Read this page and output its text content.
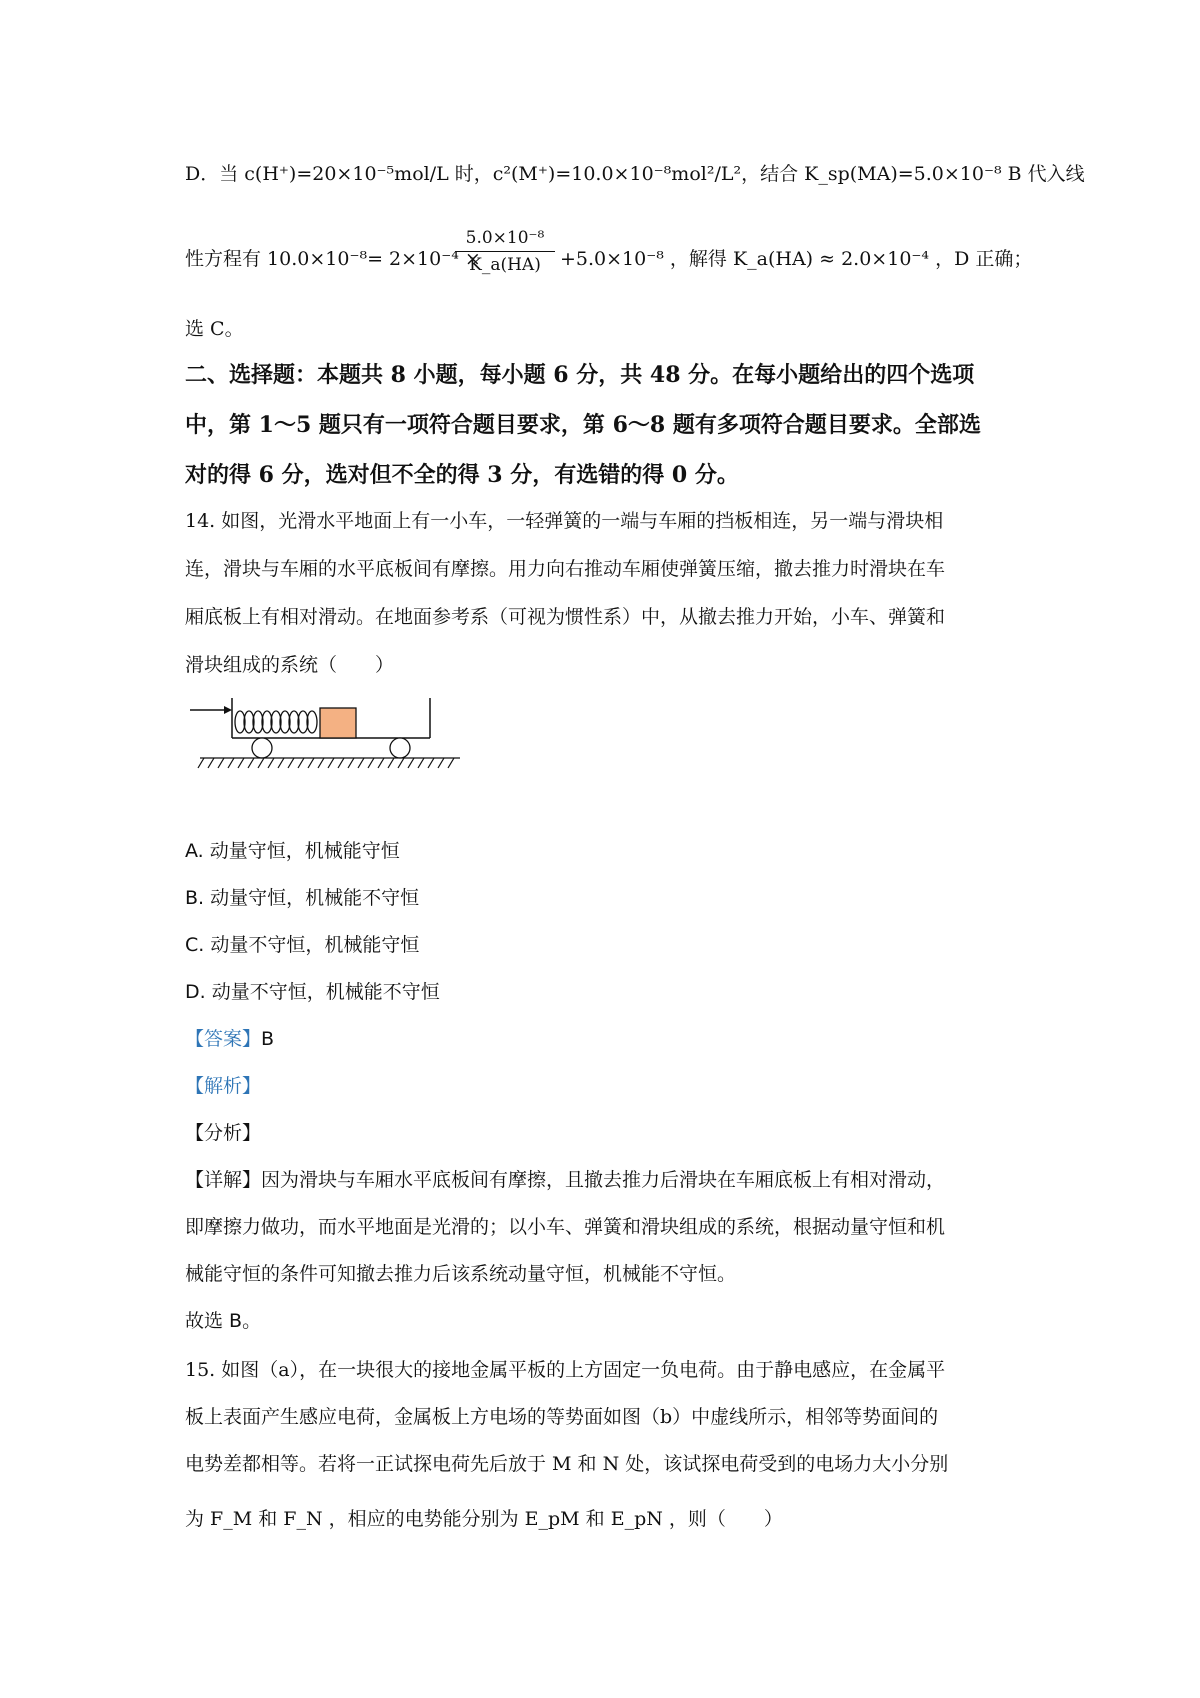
D．当 c(H⁺)=20×10⁻⁵mol/L 时，c²(M⁺)=10.0×10⁻⁸mol²/L²，结合 K_sp(MA)=5.0×10⁻⁸ B 代入线
性方程有 10.0×10⁻⁸= 2×10⁻⁴ ×
5.0×10⁻⁸
K_a(HA)	+5.0×10⁻⁸ ，解得 K_a(HA) ≈ 2.0×10⁻⁴ ，D 正确；
选 C。
二、选择题：本题共 8 小题，每小题 6 分，共 48 分。在每小题给出的四个选项
中，第 1～5 题只有一项符合题目要求，第 6～8 题有多项符合题目要求。全部选
对的得 6 分，选对但不全的得 3 分，有选错的得 0 分。
14. 如图，光滑水平地面上有一小车，一轻弹簧的一端与车厢的挡板相连，另一端与滑块相
连，滑块与车厢的水平底板间有摩擦。用力向右推动车厢使弹簧压缩，撤去推力时滑块在车
厢底板上有相对滑动。在地面参考系（可视为惯性系）中，从撤去推力开始，小车、弹簧和
滑块组成的系统（　　）
A. 动量守恒，机械能守恒
B. 动量守恒，机械能不守恒
C. 动量不守恒，机械能守恒
D. 动量不守恒，机械能不守恒
【答案】B
【解析】
【分析】
【详解】因为滑块与车厢水平底板间有摩擦，且撤去推力后滑块在车厢底板上有相对滑动，
即摩擦力做功，而水平地面是光滑的；以小车、弹簧和滑块组成的系统，根据动量守恒和机
械能守恒的条件可知撤去推力后该系统动量守恒，机械能不守恒。
故选 B。
15. 如图（a），在一块很大的接地金属平板的上方固定一负电荷。由于静电感应，在金属平
板上表面产生感应电荷，金属板上方电场的等势面如图（b）中虚线所示，相邻等势面间的
电势差都相等。若将一正试探电荷先后放于 M 和 N 处，该试探电荷受到的电场力大小分别
为 F_M 和 F_N ，相应的电势能分别为 E_pM 和 E_pN ，则（　　）
